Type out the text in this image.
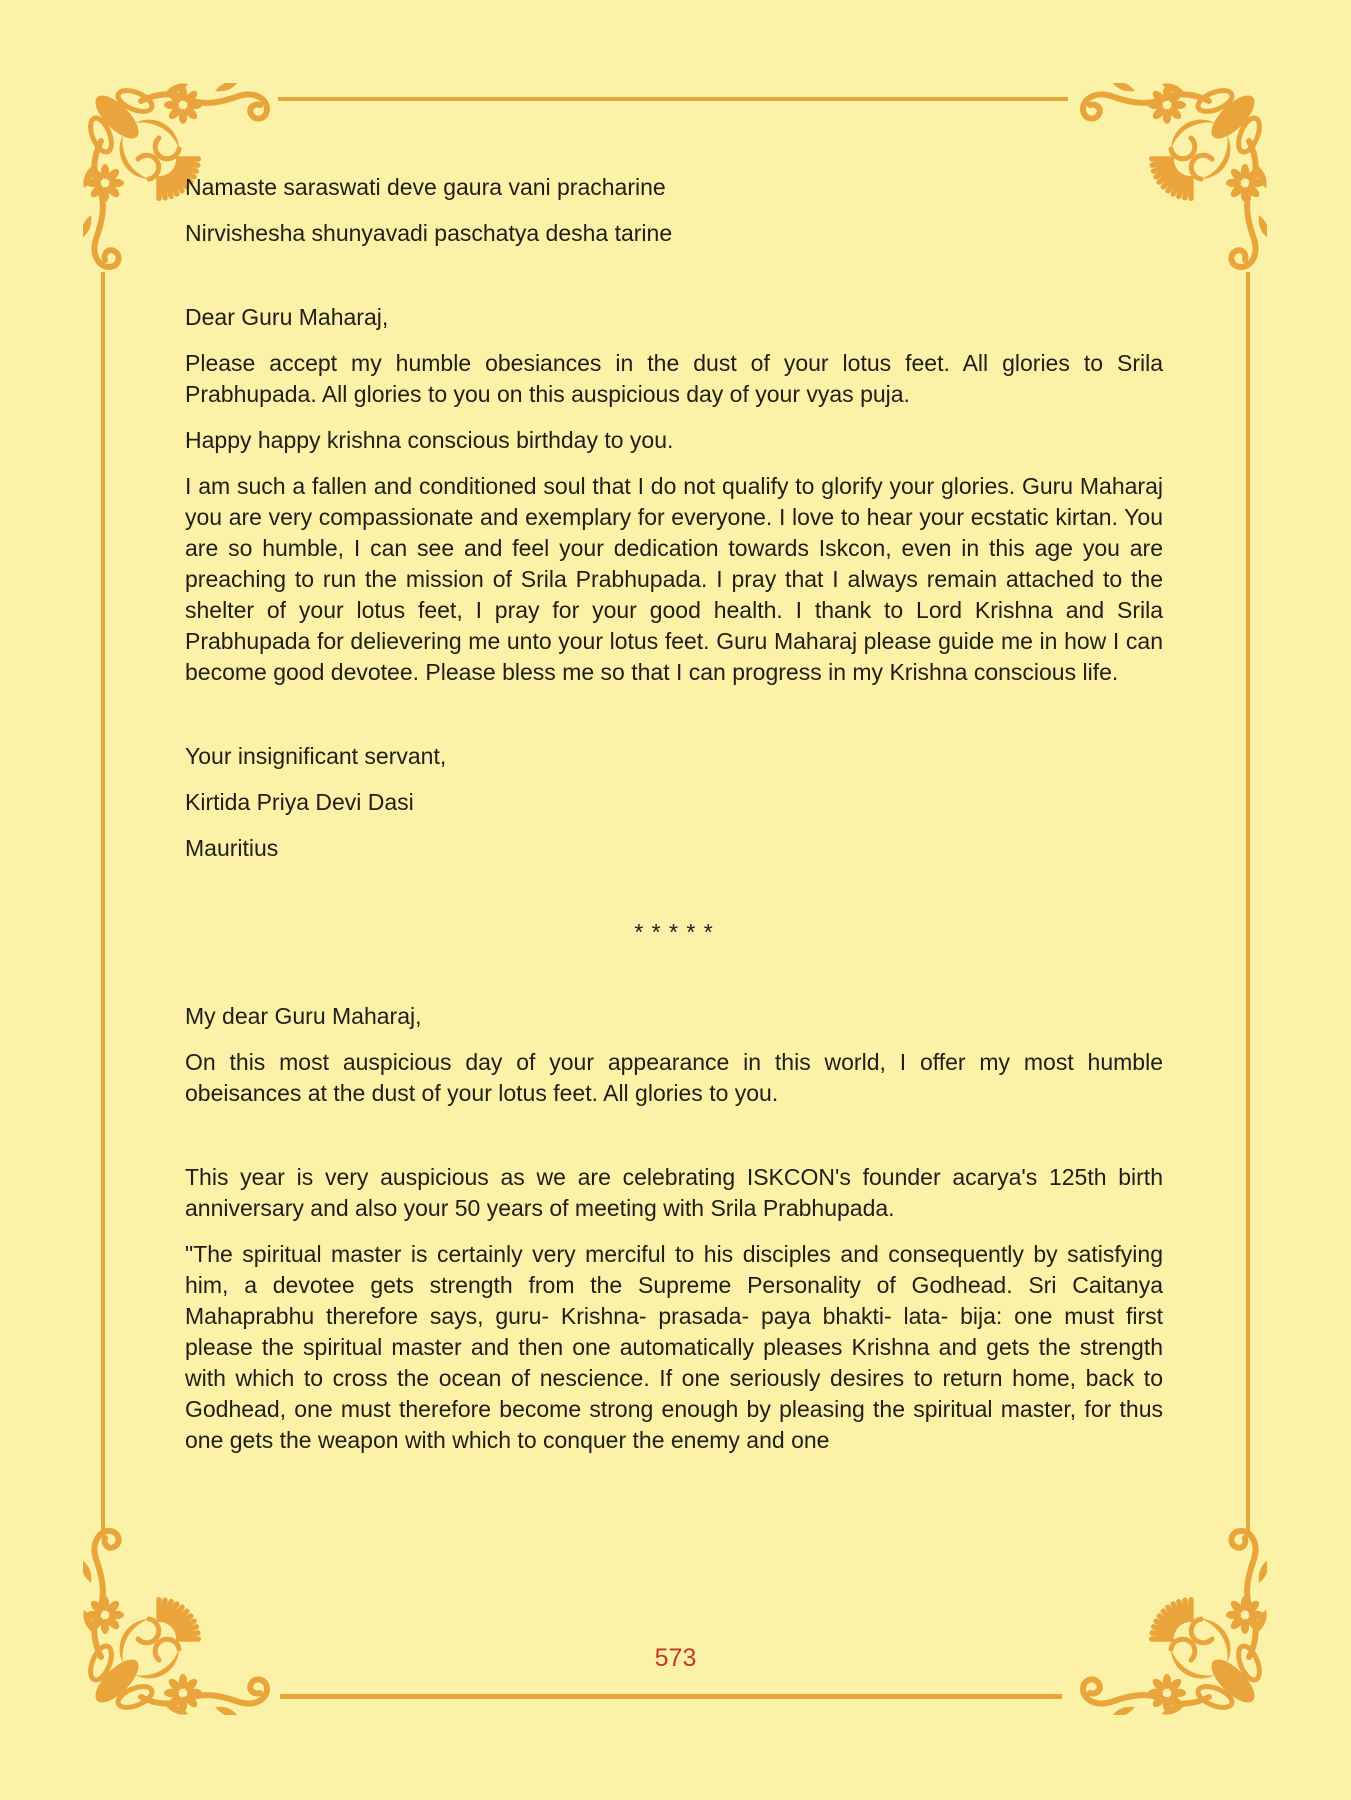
Namaste saraswati deve gaura vani pracharine

Nirvishesha shunyavadi paschatya desha tarine

Dear Guru Maharaj,

Please accept my humble obesiances in the dust of your lotus feet. All glories to Srila Prabhupada. All glories to you on this auspicious day of your vyas puja.

Happy happy krishna conscious birthday to you.

I am such a fallen and conditioned soul that I do not qualify to glorify your glories. Guru Maharaj you are very compassionate and exemplary for everyone. I love to hear your ecstatic kirtan. You are so humble, I can see and feel your dedication towards Iskcon, even in this age you are preaching to run the mission of Srila Prabhupada. I pray that I always remain attached to the shelter of your lotus feet, I pray for your good health. I thank to Lord Krishna and Srila Prabhupada for delievering me unto your lotus feet. Guru Maharaj please guide me in how I can become good devotee. Please bless me so that I can progress in my Krishna conscious life.

Your insignificant servant,

Kirtida Priya Devi Dasi

Mauritius

* * * * *

My dear Guru Maharaj,

On this most auspicious day of your appearance in this world, I offer my most humble obeisances at the dust of your lotus feet. All glories to you.

This year is very auspicious as we are celebrating ISKCON's founder acarya's 125th birth anniversary and also your 50 years of meeting with Srila Prabhupada.

"The spiritual master is certainly very merciful to his disciples and consequently by satisfying him, a devotee gets strength from the Supreme Personality of Godhead. Sri Caitanya Mahaprabhu therefore says, guru- Krishna- prasada- paya bhakti- lata- bija: one must first please the spiritual master and then one automatically pleases Krishna and gets the strength with which to cross the ocean of nescience. If one seriously desires to return home, back to Godhead, one must therefore become strong enough by pleasing the spiritual master, for thus one gets the weapon with which to conquer the enemy and one

573
